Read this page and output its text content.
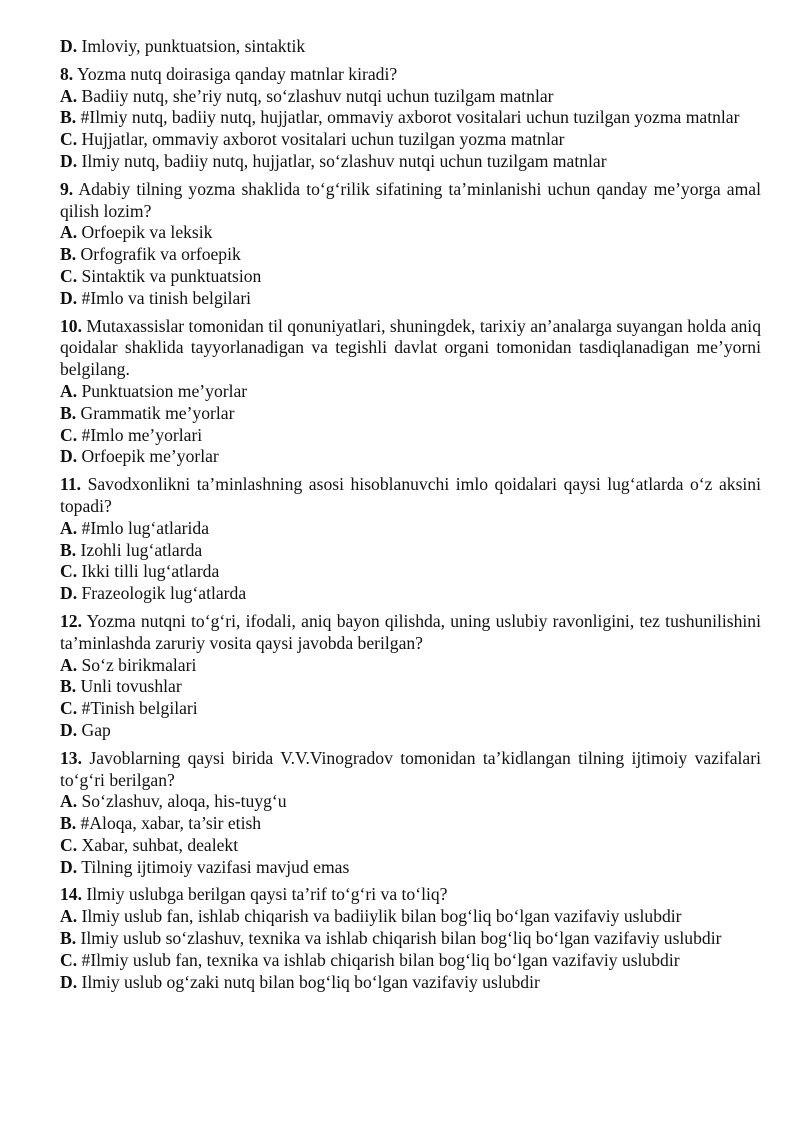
D. Imloviy, punktuatsion, sintaktik
8. Yozma nutq doirasiga qanday matnlar kiradi?
A. Badiiy nutq, she’riy nutq, so‘zlashuv nutqi uchun tuzilgam matnlar
B. #Ilmiy nutq, badiiy nutq, hujjatlar, ommaviy axborot vositalari uchun tuzilgan yozma matnlar
C. Hujjatlar, ommaviy axborot vositalari uchun tuzilgan yozma matnlar
D. Ilmiy nutq, badiiy nutq, hujjatlar, so‘zlashuv nutqi uchun tuzilgam matnlar
9. Adabiy tilning yozma shaklida to‘g‘rilik sifatining ta’minlanishi uchun qanday me’yorga amal qilish lozim?
A. Orfoepik va leksik
B. Orfografik va orfoepik
C. Sintaktik va punktuatsion
D. #Imlo va tinish belgilari
10. Mutaxassislar tomonidan til qonuniyatlari, shuningdek, tarixiy an’analarga suyangan holda aniq qoidalar shaklida tayyorlanadigan va tegishli davlat organi tomonidan tasdiqlanadigan me’yorni belgilang.
A. Punktuatsion me’yorlar
B. Grammatik me’yorlar
C. #Imlo me’yorlari
D. Orfoepik me’yorlar
11. Savodxonlikni ta’minlashning asosi hisoblanuvchi imlo qoidalari qaysi lug‘atlarda o‘z aksini topadi?
A. #Imlo lug‘atlarida
B. Izohli lug‘atlarda
C. Ikki tilli lug‘atlarda
D. Frazeologik lug‘atlarda
12. Yozma nutqni to‘g‘ri, ifodali, aniq bayon qilishda, uning uslubiy ravonligini, tez tushunilishini ta’minlashda zaruriy vosita qaysi javobda berilgan?
A. So‘z birikmalari
B. Unli tovushlar
C. #Tinish belgilari
D. Gap
13. Javoblarning qaysi birida V.V.Vinogradov tomonidan ta’kidlangan tilning ijtimoiy vazifalari to‘g‘ri berilgan?
A. So‘zlashuv, aloqa, his-tuyg‘u
B. #Aloqa, xabar, ta’sir etish
C. Xabar, suhbat, dealekt
D. Tilning ijtimoiy vazifasi mavjud emas
14. Ilmiy uslubga berilgan qaysi ta’rif to‘g‘ri va to‘liq?
A. Ilmiy uslub fan, ishlab chiqarish va badiiylik bilan bog‘liq bo‘lgan vazifaviy uslubdir
B. Ilmiy uslub so‘zlashuv, texnika va ishlab chiqarish bilan bog‘liq bo‘lgan vazifaviy uslubdir
C. #Ilmiy uslub fan, texnika va ishlab chiqarish bilan bog‘liq bo‘lgan vazifaviy uslubdir
D. Ilmiy uslub og‘zaki nutq bilan bog‘liq bo‘lgan vazifaviy uslubdir
